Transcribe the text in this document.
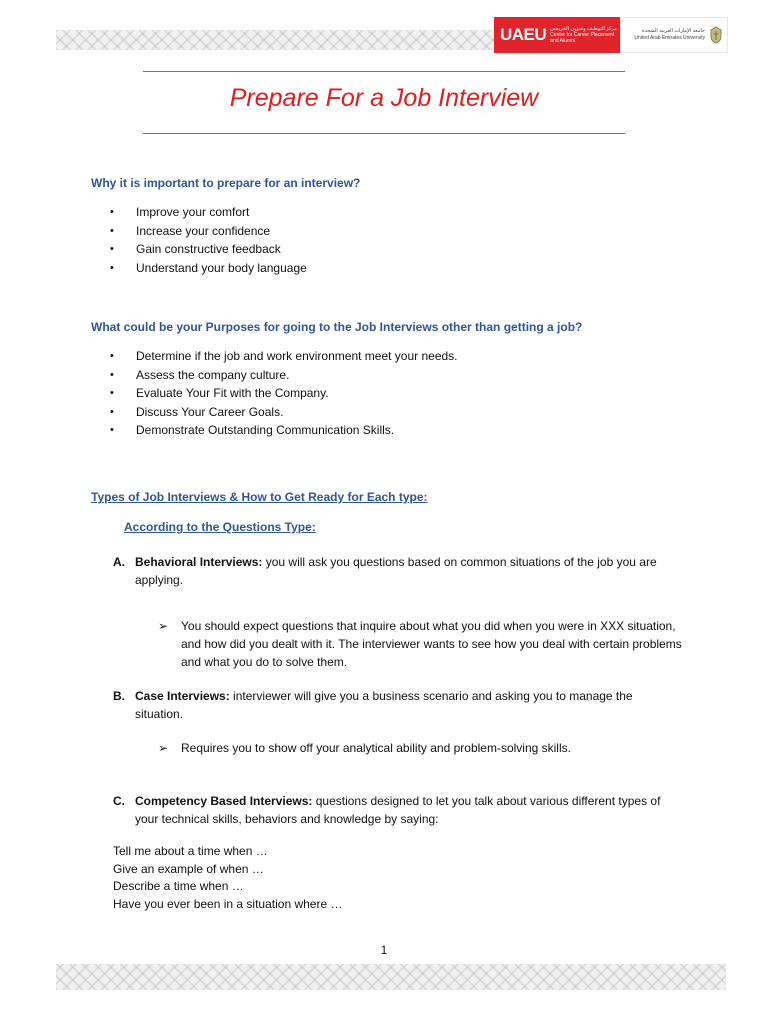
UAEU مركز التوظيف وشؤون الخريجين
Center for Career Placement
and Alumni
جامعة الإمارات العربية المتحدة
United Arab Emirates University
Prepare For a Job Interview
Why it is important to prepare for an interview?
• Improve your comfort
• Increase your confidence
• Gain constructive feedback
• Understand your body language
What could be your Purposes for going to the Job Interviews other than getting a job?
• Determine if the job and work environment meet your needs.
• Assess the company culture.
• Evaluate Your Fit with the Company.
• Discuss Your Career Goals.
• Demonstrate Outstanding Communication Skills.
Types of Job Interviews & How to Get Ready for Each type:
According to the Questions Type:
A. Behavioral Interviews: you will ask you questions based on common situations of the job you are applying.
➢ You should expect questions that inquire about what you did when you were in XXX situation, and how did you dealt with it. The interviewer wants to see how you deal with certain problems and what you do to solve them.
B. Case Interviews: interviewer will give you a business scenario and asking you to manage the situation.
➢ Requires you to show off your analytical ability and problem-solving skills.
C. Competency Based Interviews: questions designed to let you talk about various different types of your technical skills, behaviors and knowledge by saying:
Tell me about a time when …
Give an example of when …
Describe a time when …
Have you ever been in a situation where …
1
